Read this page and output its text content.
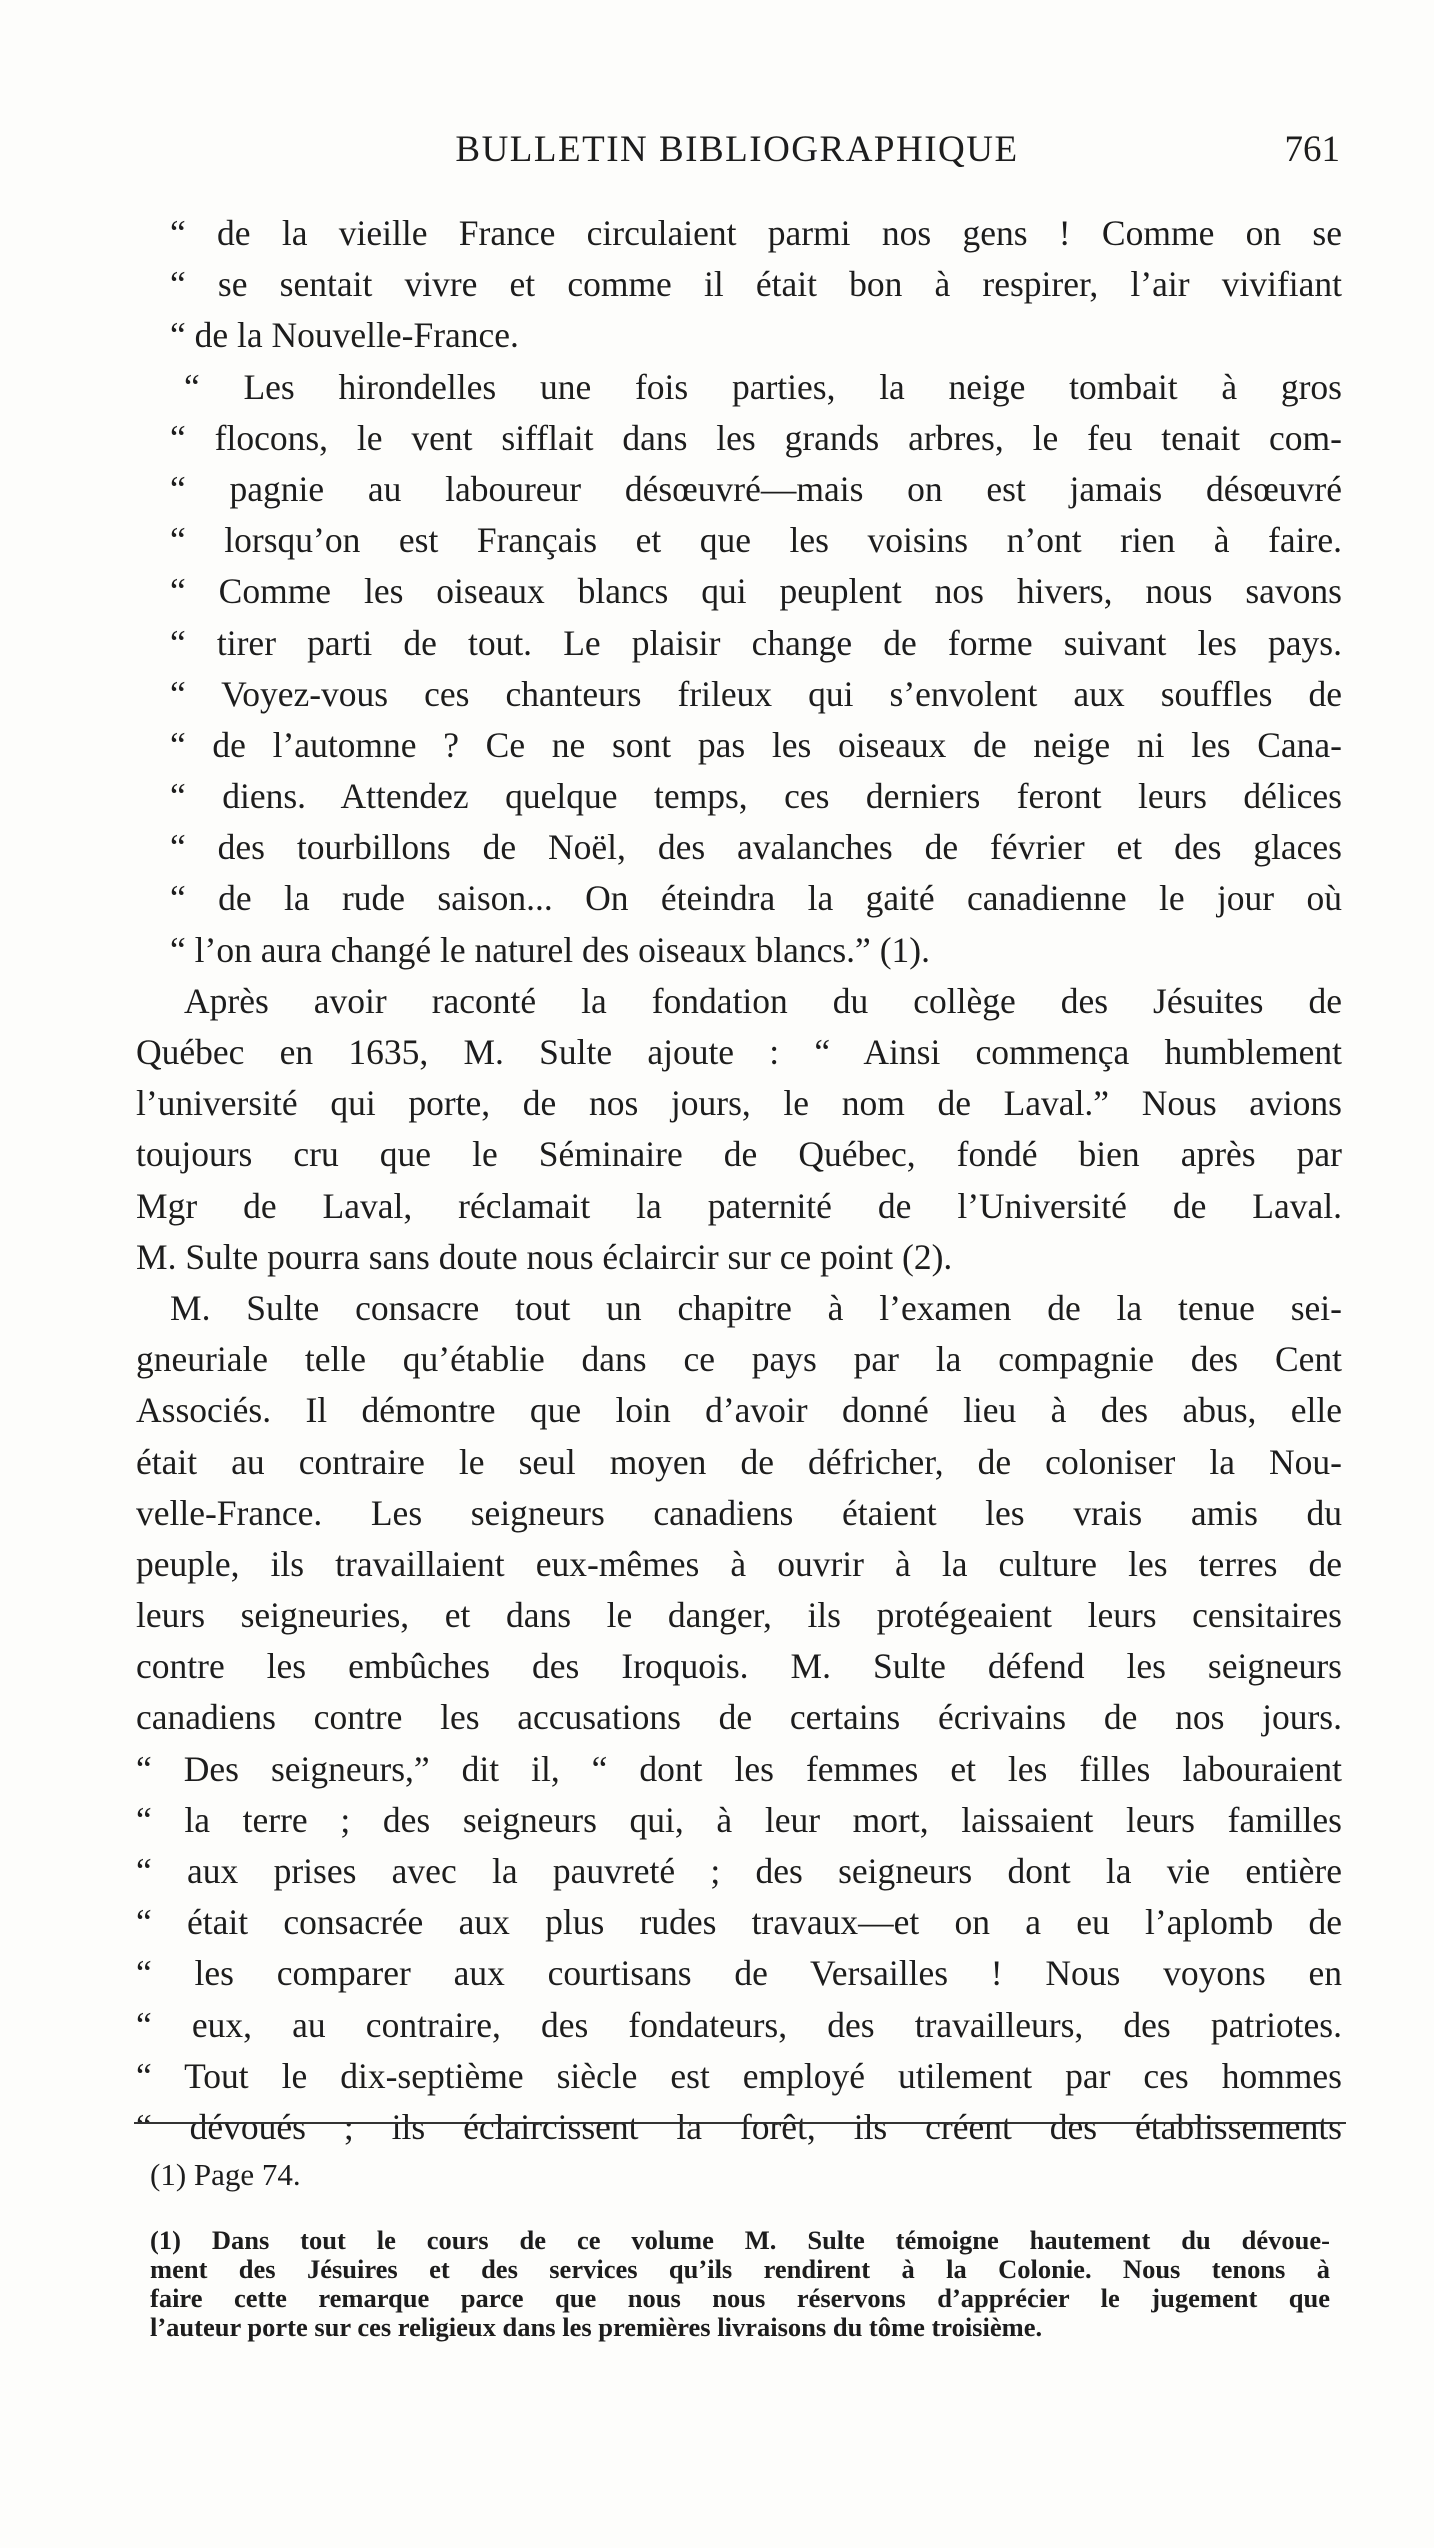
BULLETIN BIBLIOGRAPHIQUE	761
“ de la vieille France circulaient parmi nos gens ! Comme on se
“ se sentait vivre et comme il était bon à respirer, l’air vivifiant
“ de la Nouvelle-France.
“ Les hirondelles une fois parties, la neige tombait à gros
“ flocons, le vent sifflait dans les grands arbres, le feu tenait com-
“ pagnie au laboureur désœuvré—mais on est jamais désœuvré
“ lorsqu’on est Français et que les voisins n’ont rien à faire.
“ Comme les oiseaux blancs qui peuplent nos hivers, nous savons
“ tirer parti de tout. Le plaisir change de forme suivant les pays.
“ Voyez-vous ces chanteurs frileux qui s’envolent aux souffles de
“ de l’automne ? Ce ne sont pas les oiseaux de neige ni les Cana-
“ diens. Attendez quelque temps, ces derniers feront leurs délices
“ des tourbillons de Noël, des avalanches de février et des glaces
“ de la rude saison... On éteindra la gaité canadienne le jour où
“ l’on aura changé le naturel des oiseaux blancs.” (1).
Après avoir raconté la fondation du collège des Jésuites de
Québec en 1635, M. Sulte ajoute : “ Ainsi commença humblement
l’université qui porte, de nos jours, le nom de Laval.” Nous avions
toujours cru que le Séminaire de Québec, fondé bien après par
Mgr de Laval, réclamait la paternité de l’Université de Laval.
M. Sulte pourra sans doute nous éclaircir sur ce point (2).
M. Sulte consacre tout un chapitre à l’examen de la tenue sei-
gneuriale telle qu’établie dans ce pays par la compagnie des Cent
Associés. Il démontre que loin d’avoir donné lieu à des abus, elle
était au contraire le seul moyen de défricher, de coloniser la Nou-
velle-France. Les seigneurs canadiens étaient les vrais amis du
peuple, ils travaillaient eux-mêmes à ouvrir à la culture les terres de
leurs seigneuries, et dans le danger, ils protégeaient leurs censitaires
contre les embûches des Iroquois. M. Sulte défend les seigneurs
canadiens contre les accusations de certains écrivains de nos jours.
“ Des seigneurs,” dit il, “ dont les femmes et les filles labouraient
“ la terre ; des seigneurs qui, à leur mort, laissaient leurs familles
“ aux prises avec la pauvreté ; des seigneurs dont la vie entière
“ était consacrée aux plus rudes travaux—et on a eu l’aplomb de
“ les comparer aux courtisans de Versailles ! Nous voyons en
“ eux, au contraire, des fondateurs, des travailleurs, des patriotes.
“ Tout le dix-septième siècle est employé utilement par ces hommes
“ dévoués ; ils éclaircissent la forêt, ils créent des établissements
(1) Page 74.
(1) Dans tout le cours de ce volume M. Sulte témoigne hautement du dévoue-
ment des Jésuires et des services qu’ils rendirent à la Colonie. Nous tenons à
faire cette remarque parce que nous nous réservons d’apprécier le jugement que
l’auteur porte sur ces religieux dans les premières livraisons du tôme troisième.
